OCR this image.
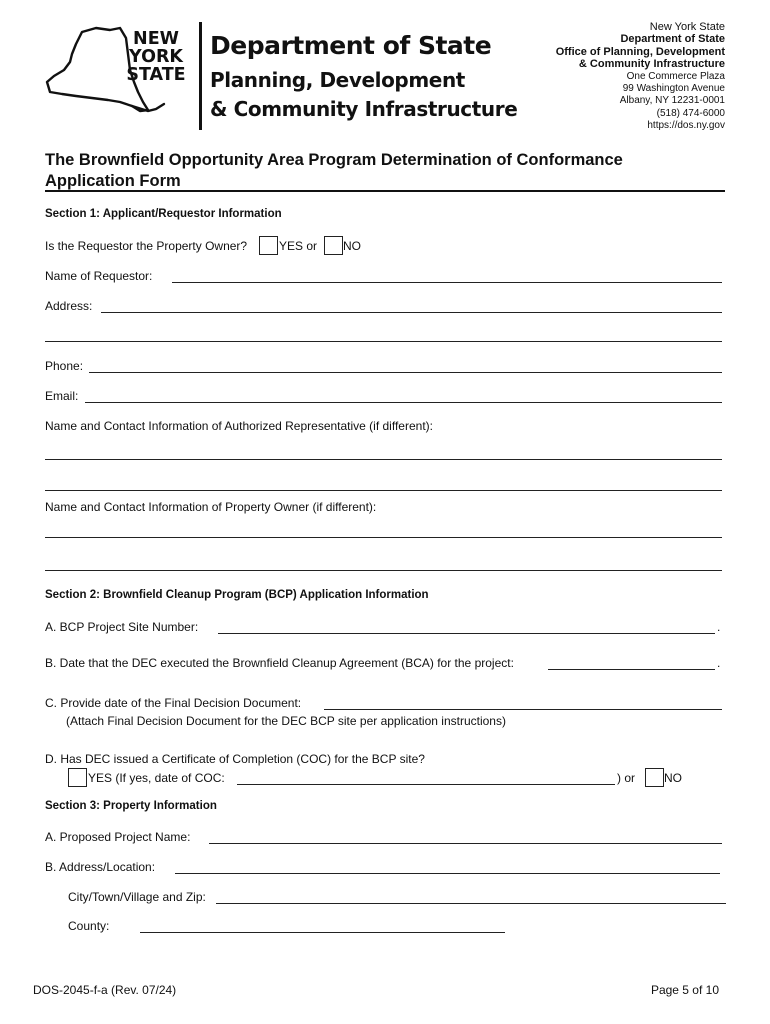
NEW
YORK
STATE
Department of State
Planning, Development
& Community Infrastructure
New York State
Department of State
Office of Planning, Development
& Community Infrastructure
One Commerce Plaza
99 Washington Avenue
Albany, NY 12231-0001
(518) 474-6000
https://dos.ny.gov
The Brownfield Opportunity Area Program Determination of Conformance
Application Form
Section 1: Applicant/Requestor Information
Is the Requestor the Property Owner?	YES or NO
Name of Requestor:
Address:
Phone:
Email:
Name and Contact Information of Authorized Representative (if different):
Name and Contact Information of Property Owner (if different):
Section 2: Brownfield Cleanup Program (BCP) Application Information
A. BCP Project Site Number:	.
B. Date that the DEC executed the Brownfield Cleanup Agreement (BCA) for the project:	.
C. Provide date of the Final Decision Document:
(Attach Final Decision Document for the DEC BCP site per application instructions)
D. Has DEC issued a Certificate of Completion (COC) for the BCP site?
YES (If yes, date of COC:	) or NO
Section 3: Property Information
A. Proposed Project Name:
B. Address/Location:
City/Town/Village and Zip:
County:
DOS-2045-f-a (Rev. 07/24)	Page 5 of 10
